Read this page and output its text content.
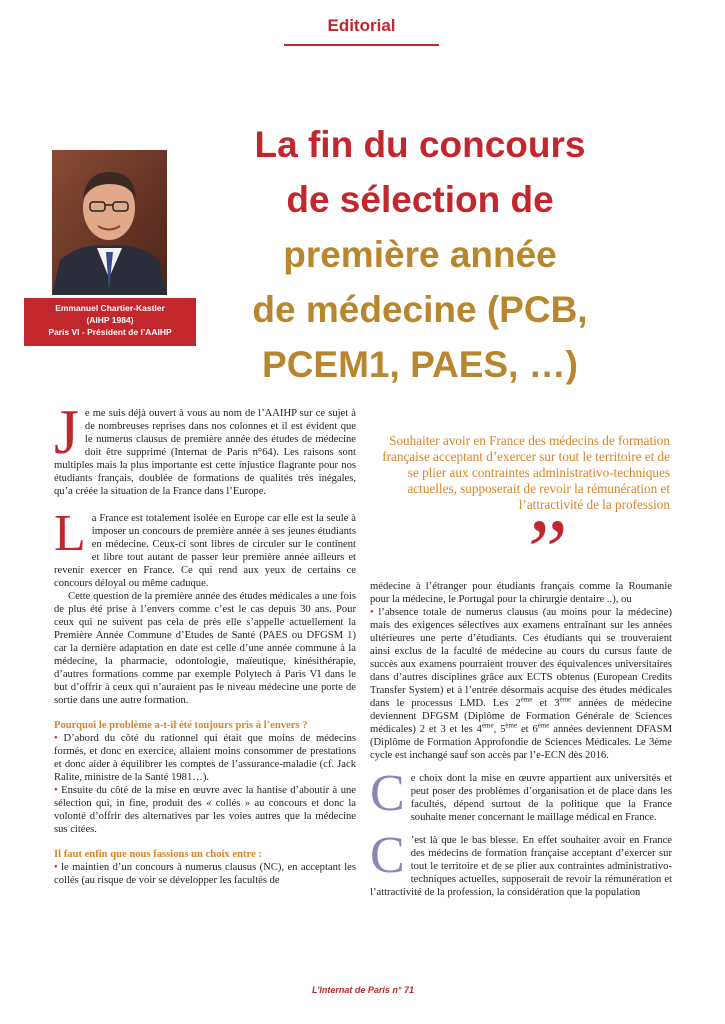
Editorial
Emmanuel Chartier-Kastler
(AIHP 1984)
Paris VI - Président de l’AAIHP
La fin du concours
de sélection de
première année
de médecine (PCB,
PCEM1, PAES, …)

J e me suis déjà ouvert à vous au nom de l’AAIHP sur ce sujet à de nombreuses reprises dans nos colonnes et il est évident que le numerus clausus de première année des études de médecine doit être supprimé (Internat de Paris n°64). Les raisons sont multiples mais la plus importante est cette injustice flagrante pour nos étudiants français, doublée de formations de qualités très inégales, qu’a créée la situation de la France dans l’Europe.

L a France est totalement isolée en Europe car elle est la seule à imposer un concours de première année à ses jeunes étudiants en médecine. Ceux-ci sont libres de circuler sur le continent et libre tout autant de passer leur première année ailleurs et revenir exercer en France. Ce qui rend aux yeux de certains ce concours déloyal ou même caduque.

Cette question de la première année des études médicales a une fois de plus été prise à l’envers comme c’est le cas depuis 30 ans. Pour ceux qui ne suivent pas cela de près elle s’appelle actuellement la Première Année Commune d’Etudes de Santé (PAES ou DFGSM 1) car la dernière adaptation en date est celle d’une année commune à la médecine, la pharmacie, odontologie, maïeutique, kinésithérapie, d’autres formations comme par exemple Polytech à Paris VI dans le but d’offrir à ceux qui n’auraient pas le niveau médecine une porte de sortie dans une autre formation.

Pourquoi le problème a-t-il été toujours pris à l’envers ?

• D’abord du côté du rationnel qui était que moins de médecins formés, et donc en exercice, allaient moins consommer de prestations et donc aider à équilibrer les comptes de l’assurance-maladie (cf. Jack Ralite, ministre de la Santé 1981…).

• Ensuite du côté de la mise en œuvre avec la hantise d’aboutir à une sélection qui, in fine, produit des « collés » au concours et donc la volonté d’offrir des alternatives par les voies autres que la médecine sus citées.

Il faut enfin que nous fassions un choix entre :

• le maintien d’un concours à numerus clausus (NC), en acceptant les collés (au risque de voir se développer les facultés de

Souhaiter avoir en France des médecins de formation française acceptant d’exercer sur tout le territoire et de se plier aux contraintes administrativo-techniques actuelles, supposerait de revoir la rémunération et l’attractivité de la profession
”

médecine à l’étranger pour étudiants français comme la Roumanie pour la médecine, le Portugal pour la chirurgie dentaire ..), ou

• l’absence totale de numerus clausus (au moins pour la médecine) mais des exigences sélectives aux examens entraînant sur les années ultérieures une perte d’étudiants. Ces étudiants qui se trouveraient ainsi exclus de la faculté de médecine au cours du cursus faute de succès aux examens pourraient trouver des équivalences universitaires dans d’autres disciplines grâce aux ECTS obtenus (European Credits Transfer System) et à l’entrée désormais acquise des études médicales dans le processus LMD. Les 2ème et 3ème années de médecine deviennent DFGSM (Diplôme de Formation Générale de Sciences médicales) 2 et 3 et les 4ème, 5ème et 6ème années deviennent DFASM (Diplôme de Formation Approfondie de Sciences Médicales. Le 3ème cycle est inchangé sauf son accès par l’e-ECN dès 2016.

C e choix dont la mise en œuvre appartient aux universités et peut poser des problèmes d’organisation et de place dans les facultés, dépend surtout de la politique que la France souhaite mener concernant le maillage médical en France.

C ’est là que le bas blesse. En effet souhaiter avoir en France des médecins de formation française acceptant d’exercer sur tout le territoire et de se plier aux contraintes administrativo-techniques actuelles, supposerait de revoir la rémunération et l’attractivité de la profession, la considération que la population

L’Internat de Paris n° 71
